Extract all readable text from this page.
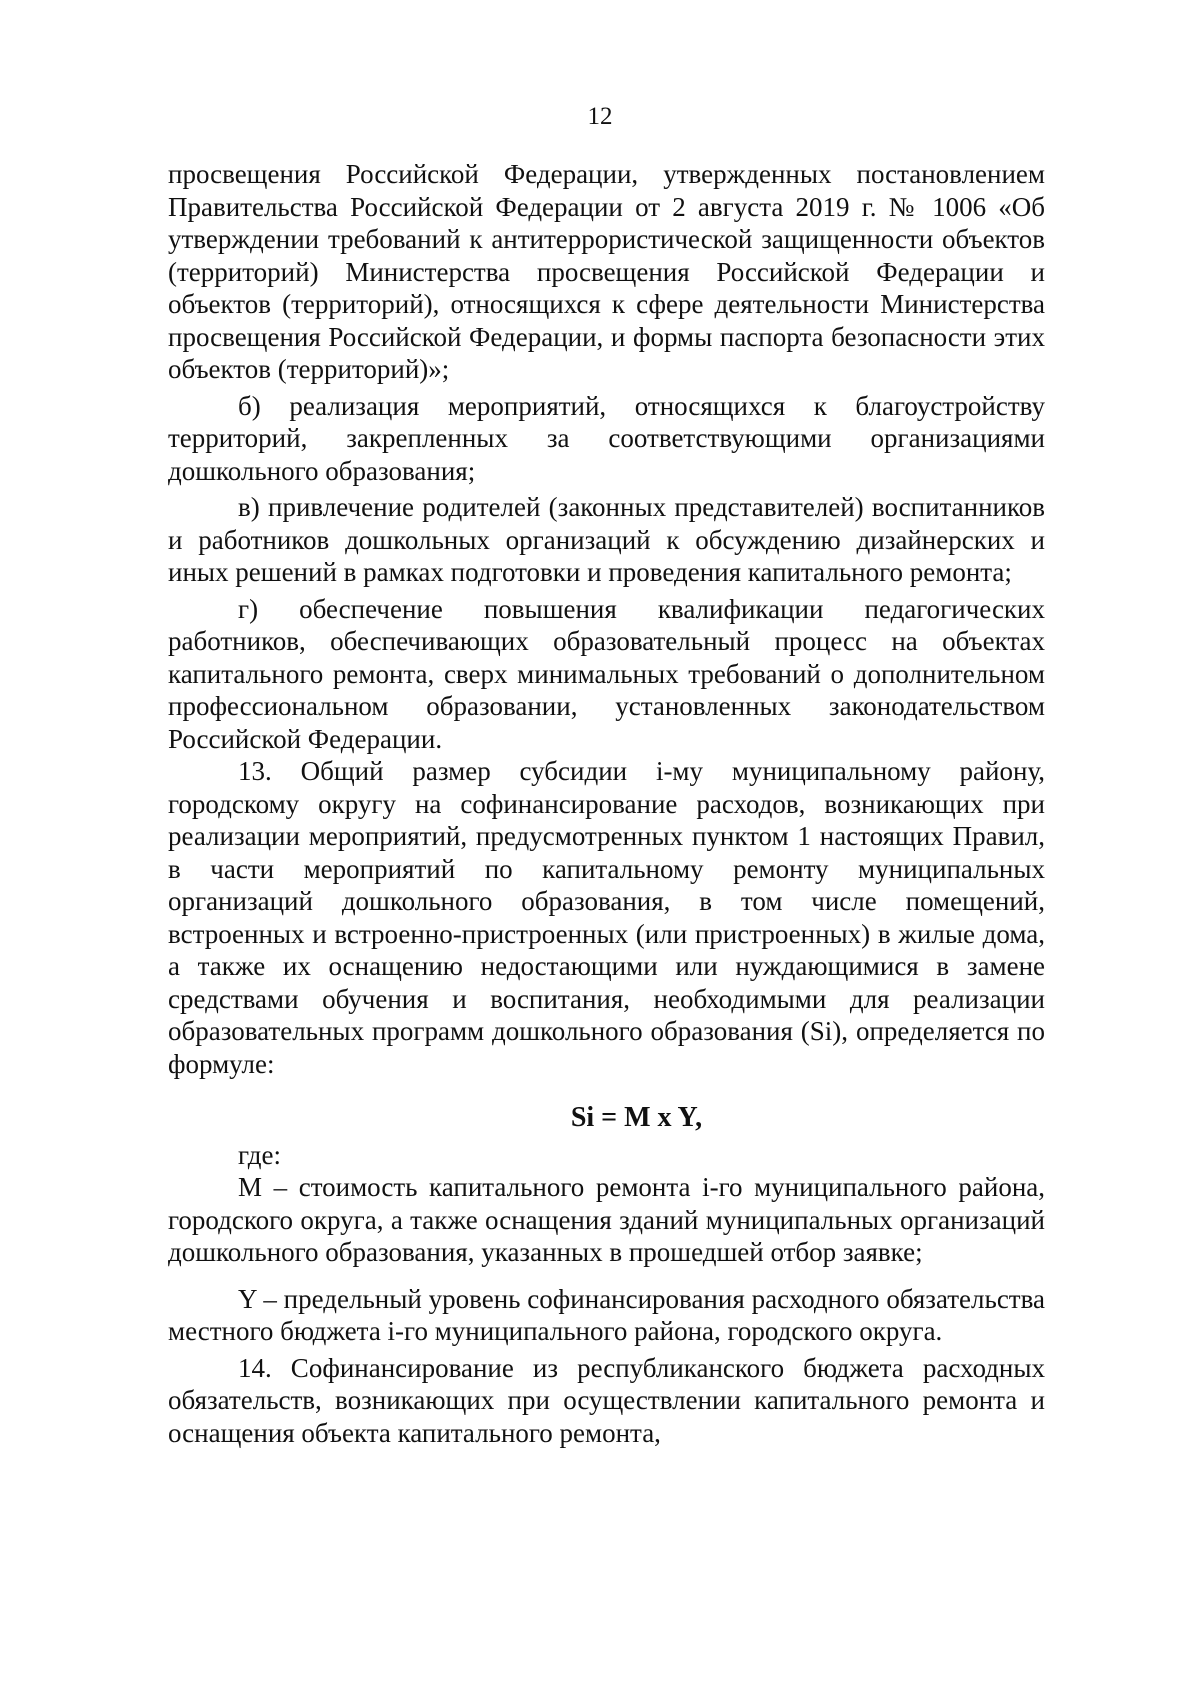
12

просвещения Российской Федерации, утвержденных постановлением Правительства Российской Федерации от 2 августа 2019 г. № 1006 «Об утверждении требований к антитеррористической защищенности объектов (территорий) Министерства просвещения Российской Федерации и объектов (территорий), относящихся к сфере деятельности Министерства просвещения Российской Федерации, и формы паспорта безопасности этих объектов (территорий)»;

б) реализация мероприятий, относящихся к благоустройству территорий, закрепленных за соответствующими организациями дошкольного образования;

в) привлечение родителей (законных представителей) воспитанников и работников дошкольных организаций к обсуждению дизайнерских и иных решений в рамках подготовки и проведения капитального ремонта;

г) обеспечение повышения квалификации педагогических работников, обеспечивающих образовательный процесс на объектах капитального ремонта, сверх минимальных требований о дополнительном профессиональном образовании, установленных законодательством Российской Федерации.

13. Общий размер субсидии i-му муниципальному району, городскому округу на софинансирование расходов, возникающих при реализации мероприятий, предусмотренных пунктом 1 настоящих Правил, в части мероприятий по капитальному ремонту муниципальных организаций дошкольного образования, в том числе помещений, встроенных и встроенно-пристроенных (или пристроенных) в жилые дома, а также их оснащению недостающими или нуждающимися в замене средствами обучения и воспитания, необходимыми для реализации образовательных программ дошкольного образования (Si), определяется по формуле:

Si = M x Y,

где:

M – стоимость капитального ремонта i-го муниципального района, городского округа, а также оснащения зданий муниципальных организаций дошкольного образования, указанных в прошедшей отбор заявке;

Y – предельный уровень софинансирования расходного обязательства местного бюджета i-го муниципального района, городского округа.

14. Софинансирование из республиканского бюджета расходных обязательств, возникающих при осуществлении капитального ремонта и оснащения объекта капитального ремонта,
